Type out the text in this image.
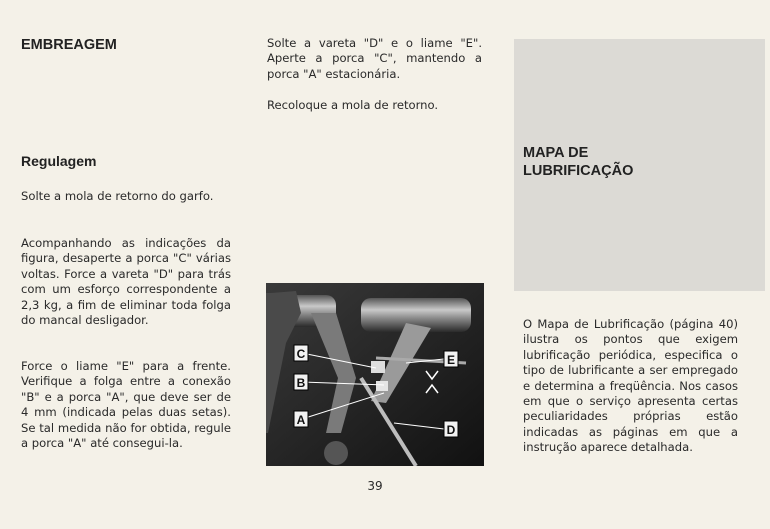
EMBREAGEM
Regulagem

Solte a mola de retorno do garfo.

Acompanhando as indicações da figura, desaperte a porca "C" várias voltas. Force a vareta "D" para trás com um esforço correspondente a 2,3 kg, a fim de eliminar toda folga do mancal desligador.

Force o liame "E" para a frente. Verifique a folga entre a conexão "B" e a porca "A", que deve ser de 4 mm (indicada pelas duas setas). Se tal medida não for obtida, regule a porca "A" até consegui-la.

Solte a vareta "D" e o liame "E". Aperte a porca "C", mantendo a porca "A" estacionária.

Recoloque a mola de retorno.

C
B
A
E
D
MAPA DE
LUBRIFICAÇÃO

O Mapa de Lubrificação (página 40) ilustra os pontos que exigem lubrificação periódica, especifica o tipo de lubrificante a ser empregado e determina a freqüência. Nos casos em que o serviço apresenta certas peculiaridades próprias estão indicadas as páginas em que a instrução aparece detalhada.

39
